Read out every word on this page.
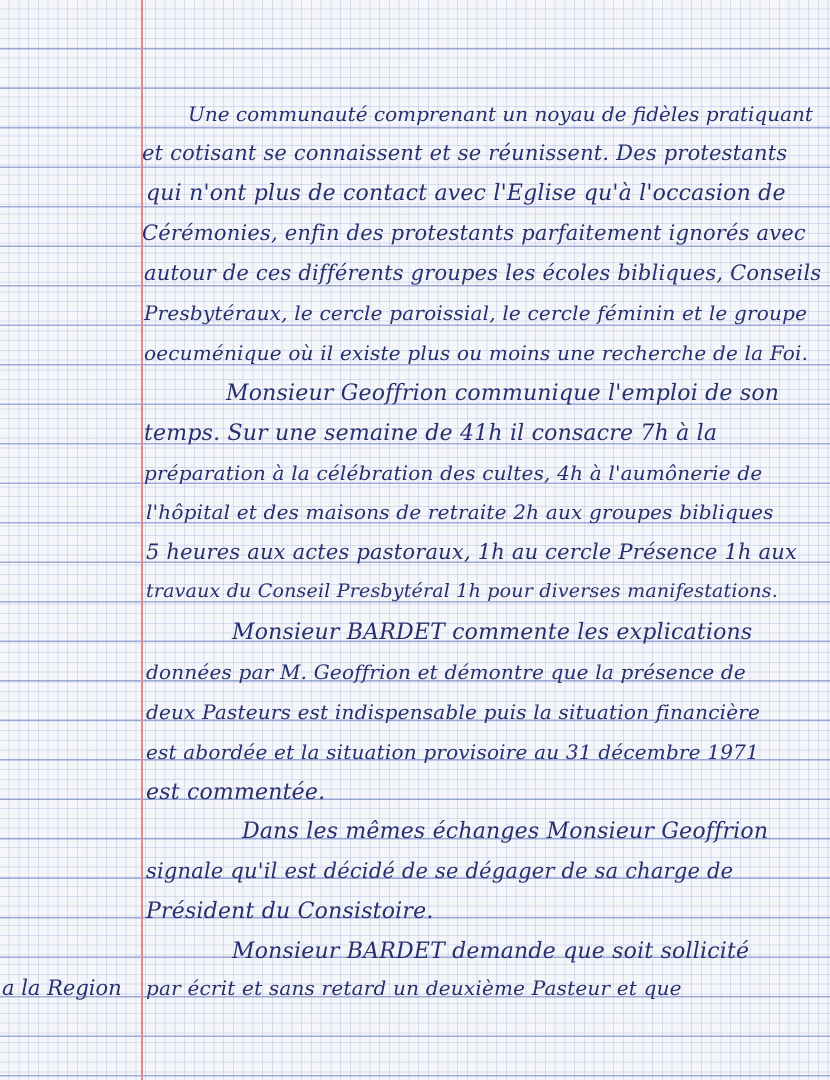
Une communauté comprenant un noyau de fidèles pratiquant
et cotisant se connaissent et se réunissent. Des protestants
qui n'ont plus de contact avec l'Eglise qu'à l'occasion de
Cérémonies, enfin des protestants parfaitement ignorés avec
autour de ces différents groupes les écoles bibliques, Conseils
Presbytéraux, le cercle paroissial, le cercle féminin et le groupe
oecuménique où il existe plus ou moins une recherche de la Foi.
Monsieur Geoffrion communique l'emploi de son
temps. Sur une semaine de 41h il consacre 7h à la
préparation à la célébration des cultes, 4h à l'aumônerie de
l'hôpital et des maisons de retraite 2h aux groupes bibliques
5 heures aux actes pastoraux, 1h au cercle Présence 1h aux
travaux du Conseil Presbytéral 1h pour diverses manifestations.
Monsieur BARDET commente les explications
données par M. Geoffrion et démontre que la présence de
deux Pasteurs est indispensable puis la situation financière
est abordée et la situation provisoire au 31 décembre 1971
est commentée.
Dans les mêmes échanges Monsieur Geoffrion
signale qu'il est décidé de se dégager de sa charge de
Président du Consistoire.
Monsieur BARDET demande que soit sollicité
a la Region par écrit et sans retard un deuxième Pasteur et que
